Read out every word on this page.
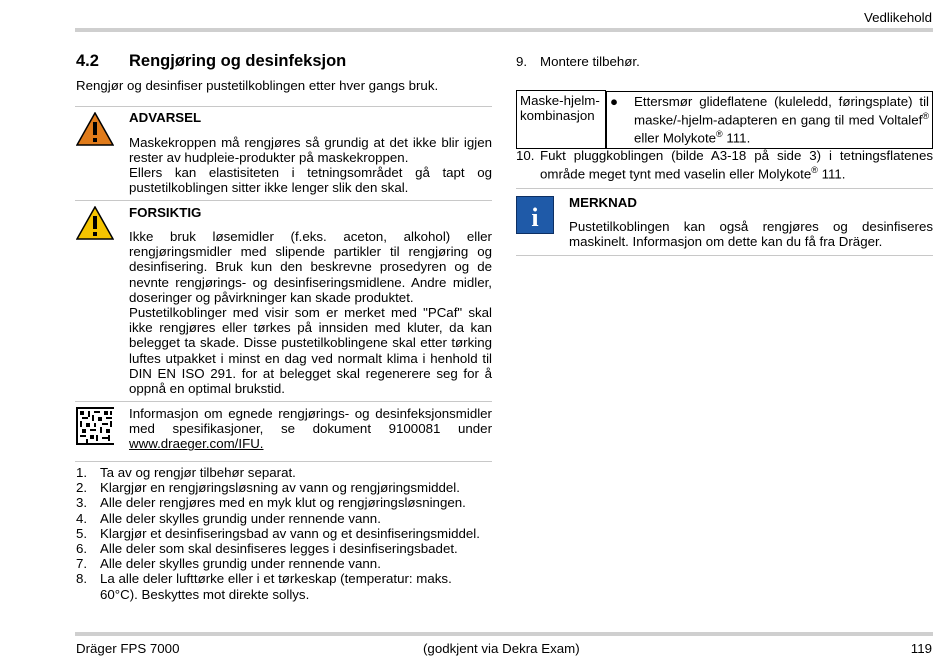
Vedlikehold
4.2 Rengjøring og desinfeksjon
Rengjør og desinfiser pustetilkoblingen etter hver gangs bruk.
ADVARSEL
Maskekroppen må rengjøres så grundig at det ikke blir igjen rester av hudpleie-produkter på maskekroppen.
Ellers kan elastisiteten i tetningsområdet gå tapt og pustetilkoblingen sitter ikke lenger slik den skal.
FORSIKTIG
Ikke bruk løsemidler (f.eks. aceton, alkohol) eller rengjøringsmidler med slipende partikler til rengjøring og desinfisering. Bruk kun den beskrevne prosedyren og de nevnte rengjørings- og desinfiseringsmidlene. Andre midler, doseringer og påvirkninger kan skade produktet.
Pustetilkoblinger med visir som er merket med "PCaf" skal ikke rengjøres eller tørkes på innsiden med kluter, da kan belegget ta skade. Disse pustetilkoblingene skal etter tørking luftes utpakket i minst en dag ved normalt klima i henhold til DIN EN ISO 291. for at belegget skal regenerere seg for å oppnå en optimal brukstid.
Informasjon om egnede rengjørings- og desinfeksjonsmidler med spesifikasjoner, se dokument 9100081 under www.draeger.com/IFU.
1. Ta av og rengjør tilbehør separat.
2. Klargjør en rengjøringsløsning av vann og rengjøringsmiddel.
3. Alle deler rengjøres med en myk klut og rengjøringsløsningen.
4. Alle deler skylles grundig under rennende vann.
5. Klargjør et desinfiseringsbad av vann og et desinfiseringsmiddel.
6. Alle deler som skal desinfiseres legges i desinfiseringsbadet.
7. Alle deler skylles grundig under rennende vann.
8. La alle deler lufttørke eller i et tørkeskap (temperatur: maks. 60°C). Beskyttes mot direkte sollys.
9. Montere tilbehør.
Maske-hjelm-kombinasjon	
●	Ettersmør glideflatene (kuleledd, føringsplate) til maske/-hjelm-adapteren en gang til med Voltalef® eller Molykote® 111.
10. Fukt pluggkoblingen (bilde A3-18 på side 3) i tetningsflatenes område meget tynt med vaselin eller Molykote® 111.
i
MERKNAD
Pustetilkoblingen kan også rengjøres og desinfiseres maskinelt. Informasjon om dette kan du få fra Dräger.
Dräger FPS 7000	(godkjent via Dekra Exam)	119
